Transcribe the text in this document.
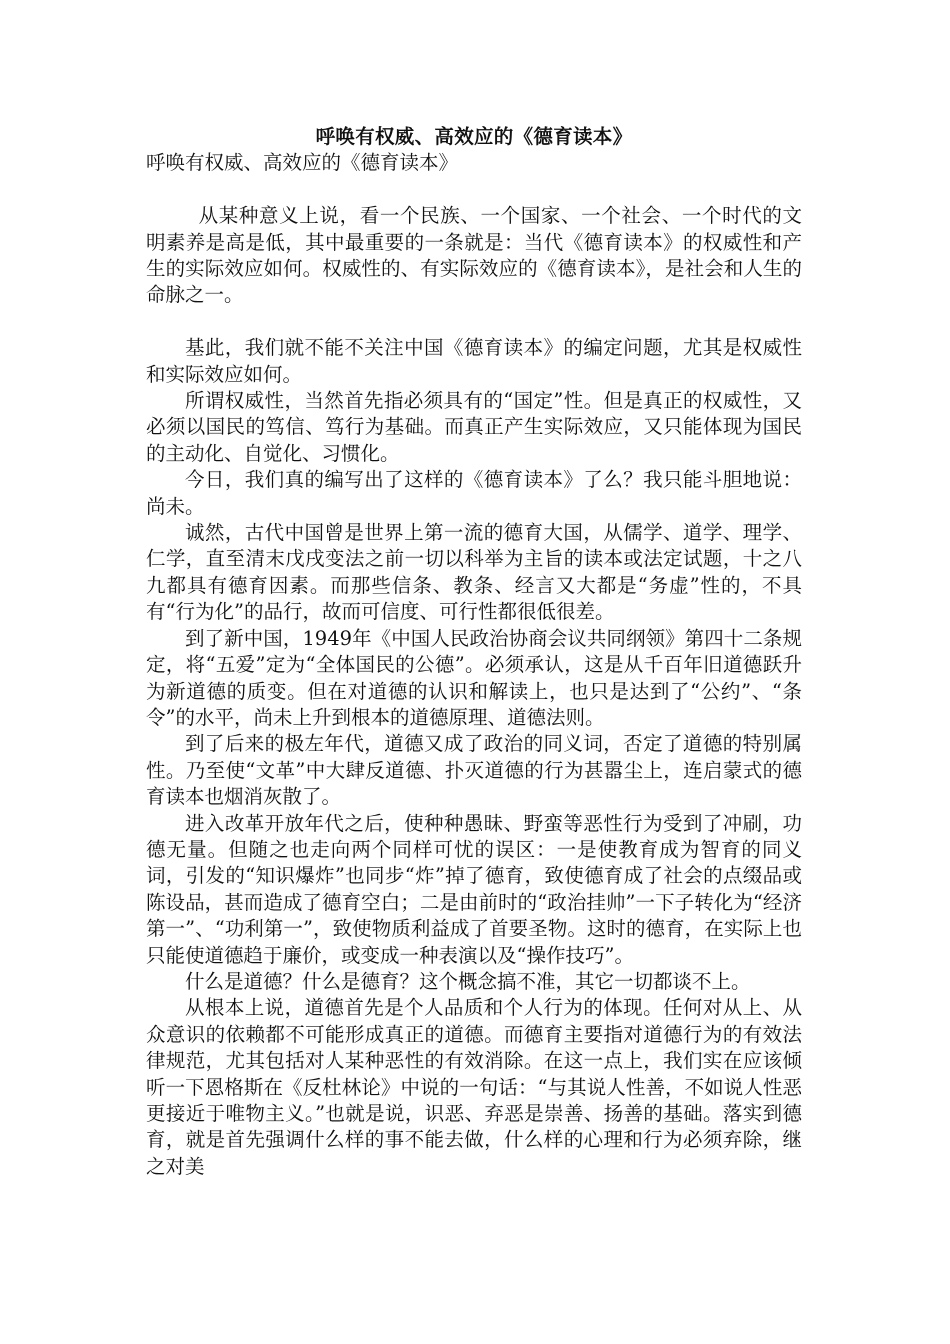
呼唤有权威、高效应的《德育读本》

呼唤有权威、高效应的《德育读本》

从某种意义上说，看一个民族、一个国家、一个社会、一个时代的文明素养是高是低，其中最重要的一条就是：当代《德育读本》的权威性和产生的实际效应如何。权威性的、有实际效应的《德育读本》，是社会和人生的命脉之一。

基此，我们就不能不关注中国《德育读本》的编定问题，尤其是权威性和实际效应如何。

所谓权威性，当然首先指必须具有的“国定”性。但是真正的权威性，又必须以国民的笃信、笃行为基础。而真正产生实际效应，又只能体现为国民的主动化、自觉化、习惯化。

今日，我们真的编写出了这样的《德育读本》了么？我只能斗胆地说：尚未。

诚然，古代中国曾是世界上第一流的德育大国，从儒学、道学、理学、仁学，直至清末戊戌变法之前一切以科举为主旨的读本或法定试题，十之八九都具有德育因素。而那些信条、教条、经言又大都是“务虚”性的，不具有“行为化”的品行，故而可信度、可行性都很低很差。

到了新中国，1949年《中国人民政治协商会议共同纲领》第四十二条规定，将“五爱”定为“全体国民的公德”。必须承认，这是从千百年旧道德跃升为新道德的质变。但在对道德的认识和解读上，也只是达到了“公约”、“条令”的水平，尚未上升到根本的道德原理、道德法则。

到了后来的极左年代，道德又成了政治的同义词，否定了道德的特别属性。乃至使“文革”中大肆反道德、扑灭道德的行为甚嚣尘上，连启蒙式的德育读本也烟消灰散了。

进入改革开放年代之后，使种种愚昧、野蛮等恶性行为受到了冲刷，功德无量。但随之也走向两个同样可忧的误区：一是使教育成为智育的同义词，引发的“知识爆炸”也同步“炸”掉了德育，致使德育成了社会的点缀品或陈设品，甚而造成了德育空白；二是由前时的“政治挂帅”一下子转化为“经济第一”、“功利第一”，致使物质利益成了首要圣物。这时的德育，在实际上也只能使道德趋于廉价，或变成一种表演以及“操作技巧”。

什么是道德？什么是德育？这个概念搞不准，其它一切都谈不上。

从根本上说，道德首先是个人品质和个人行为的体现。任何对从上、从众意识的依赖都不可能形成真正的道德。而德育主要指对道德行为的有效法律规范，尤其包括对人某种恶性的有效消除。在这一点上，我们实在应该倾听一下恩格斯在《反杜林论》中说的一句话：“与其说人性善，不如说人性恶更接近于唯物主义。”也就是说，识恶、弃恶是崇善、扬善的基础。落实到德育，就是首先强调什么样的事不能去做，什么样的心理和行为必须弃除，继之对美
